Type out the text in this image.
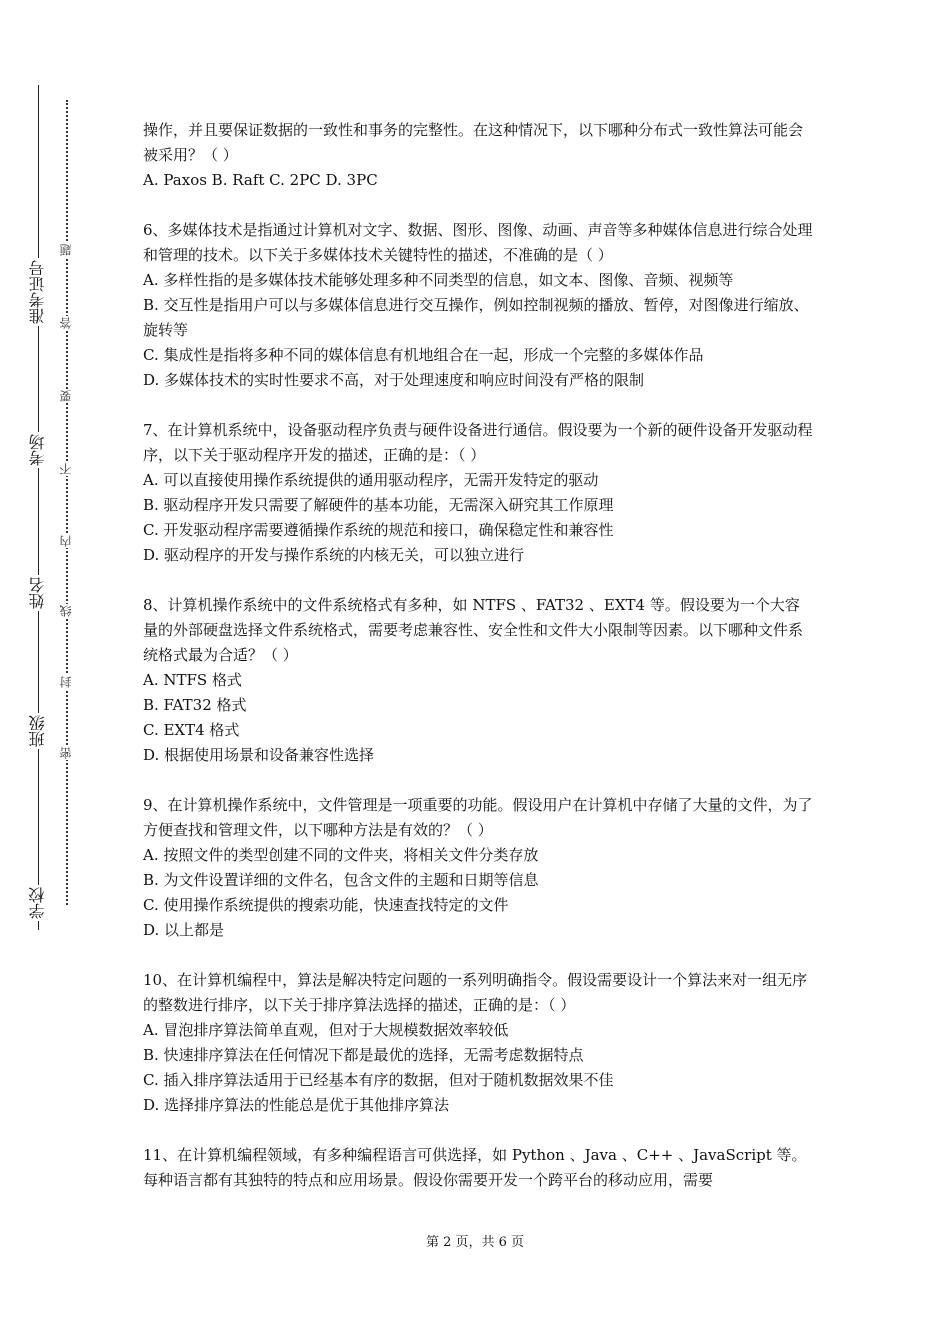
准考证号
考场
姓名
班级
学校
题
答
要
不
内
线
封
密

操作，并且要保证数据的一致性和事务的完整性。在这种情况下，以下哪种分布式一致性算法可能会被采用？（ ）

A. Paxos B. Raft C. 2PC D. 3PC

6、多媒体技术是指通过计算机对文字、数据、图形、图像、动画、声音等多种媒体信息进行综合处理和管理的技术。以下关于多媒体技术关键特性的描述，不准确的是（ ）

A. 多样性指的是多媒体技术能够处理多种不同类型的信息，如文本、图像、音频、视频等

B. 交互性是指用户可以与多媒体信息进行交互操作，例如控制视频的播放、暂停，对图像进行缩放、旋转等

C. 集成性是指将多种不同的媒体信息有机地组合在一起，形成一个完整的多媒体作品

D. 多媒体技术的实时性要求不高，对于处理速度和响应时间没有严格的限制

7、在计算机系统中，设备驱动程序负责与硬件设备进行通信。假设要为一个新的硬件设备开发驱动程序，以下关于驱动程序开发的描述，正确的是：（ ）

A. 可以直接使用操作系统提供的通用驱动程序，无需开发特定的驱动

B. 驱动程序开发只需要了解硬件的基本功能，无需深入研究其工作原理

C. 开发驱动程序需要遵循操作系统的规范和接口，确保稳定性和兼容性

D. 驱动程序的开发与操作系统的内核无关，可以独立进行

8、计算机操作系统中的文件系统格式有多种，如 NTFS 、FAT32 、EXT4 等。假设要为一个大容量的外部硬盘选择文件系统格式，需要考虑兼容性、安全性和文件大小限制等因素。以下哪种文件系统格式最为合适？（ ）

A. NTFS 格式

B. FAT32 格式

C. EXT4 格式

D. 根据使用场景和设备兼容性选择

9、在计算机操作系统中，文件管理是一项重要的功能。假设用户在计算机中存储了大量的文件，为了方便查找和管理文件，以下哪种方法是有效的？（ ）

A. 按照文件的类型创建不同的文件夹，将相关文件分类存放

B. 为文件设置详细的文件名，包含文件的主题和日期等信息

C. 使用操作系统提供的搜索功能，快速查找特定的文件

D. 以上都是

10、在计算机编程中，算法是解决特定问题的一系列明确指令。假设需要设计一个算法来对一组无序的整数进行排序，以下关于排序算法选择的描述，正确的是：（ ）

A. 冒泡排序算法简单直观，但对于大规模数据效率较低

B. 快速排序算法在任何情况下都是最优的选择，无需考虑数据特点

C. 插入排序算法适用于已经基本有序的数据，但对于随机数据效果不佳

D. 选择排序算法的性能总是优于其他排序算法

11、在计算机编程领域，有多种编程语言可供选择，如 Python 、Java 、C++ 、JavaScript 等。每种语言都有其独特的特点和应用场景。假设你需要开发一个跨平台的移动应用，需要

第 2 页，共 6 页
